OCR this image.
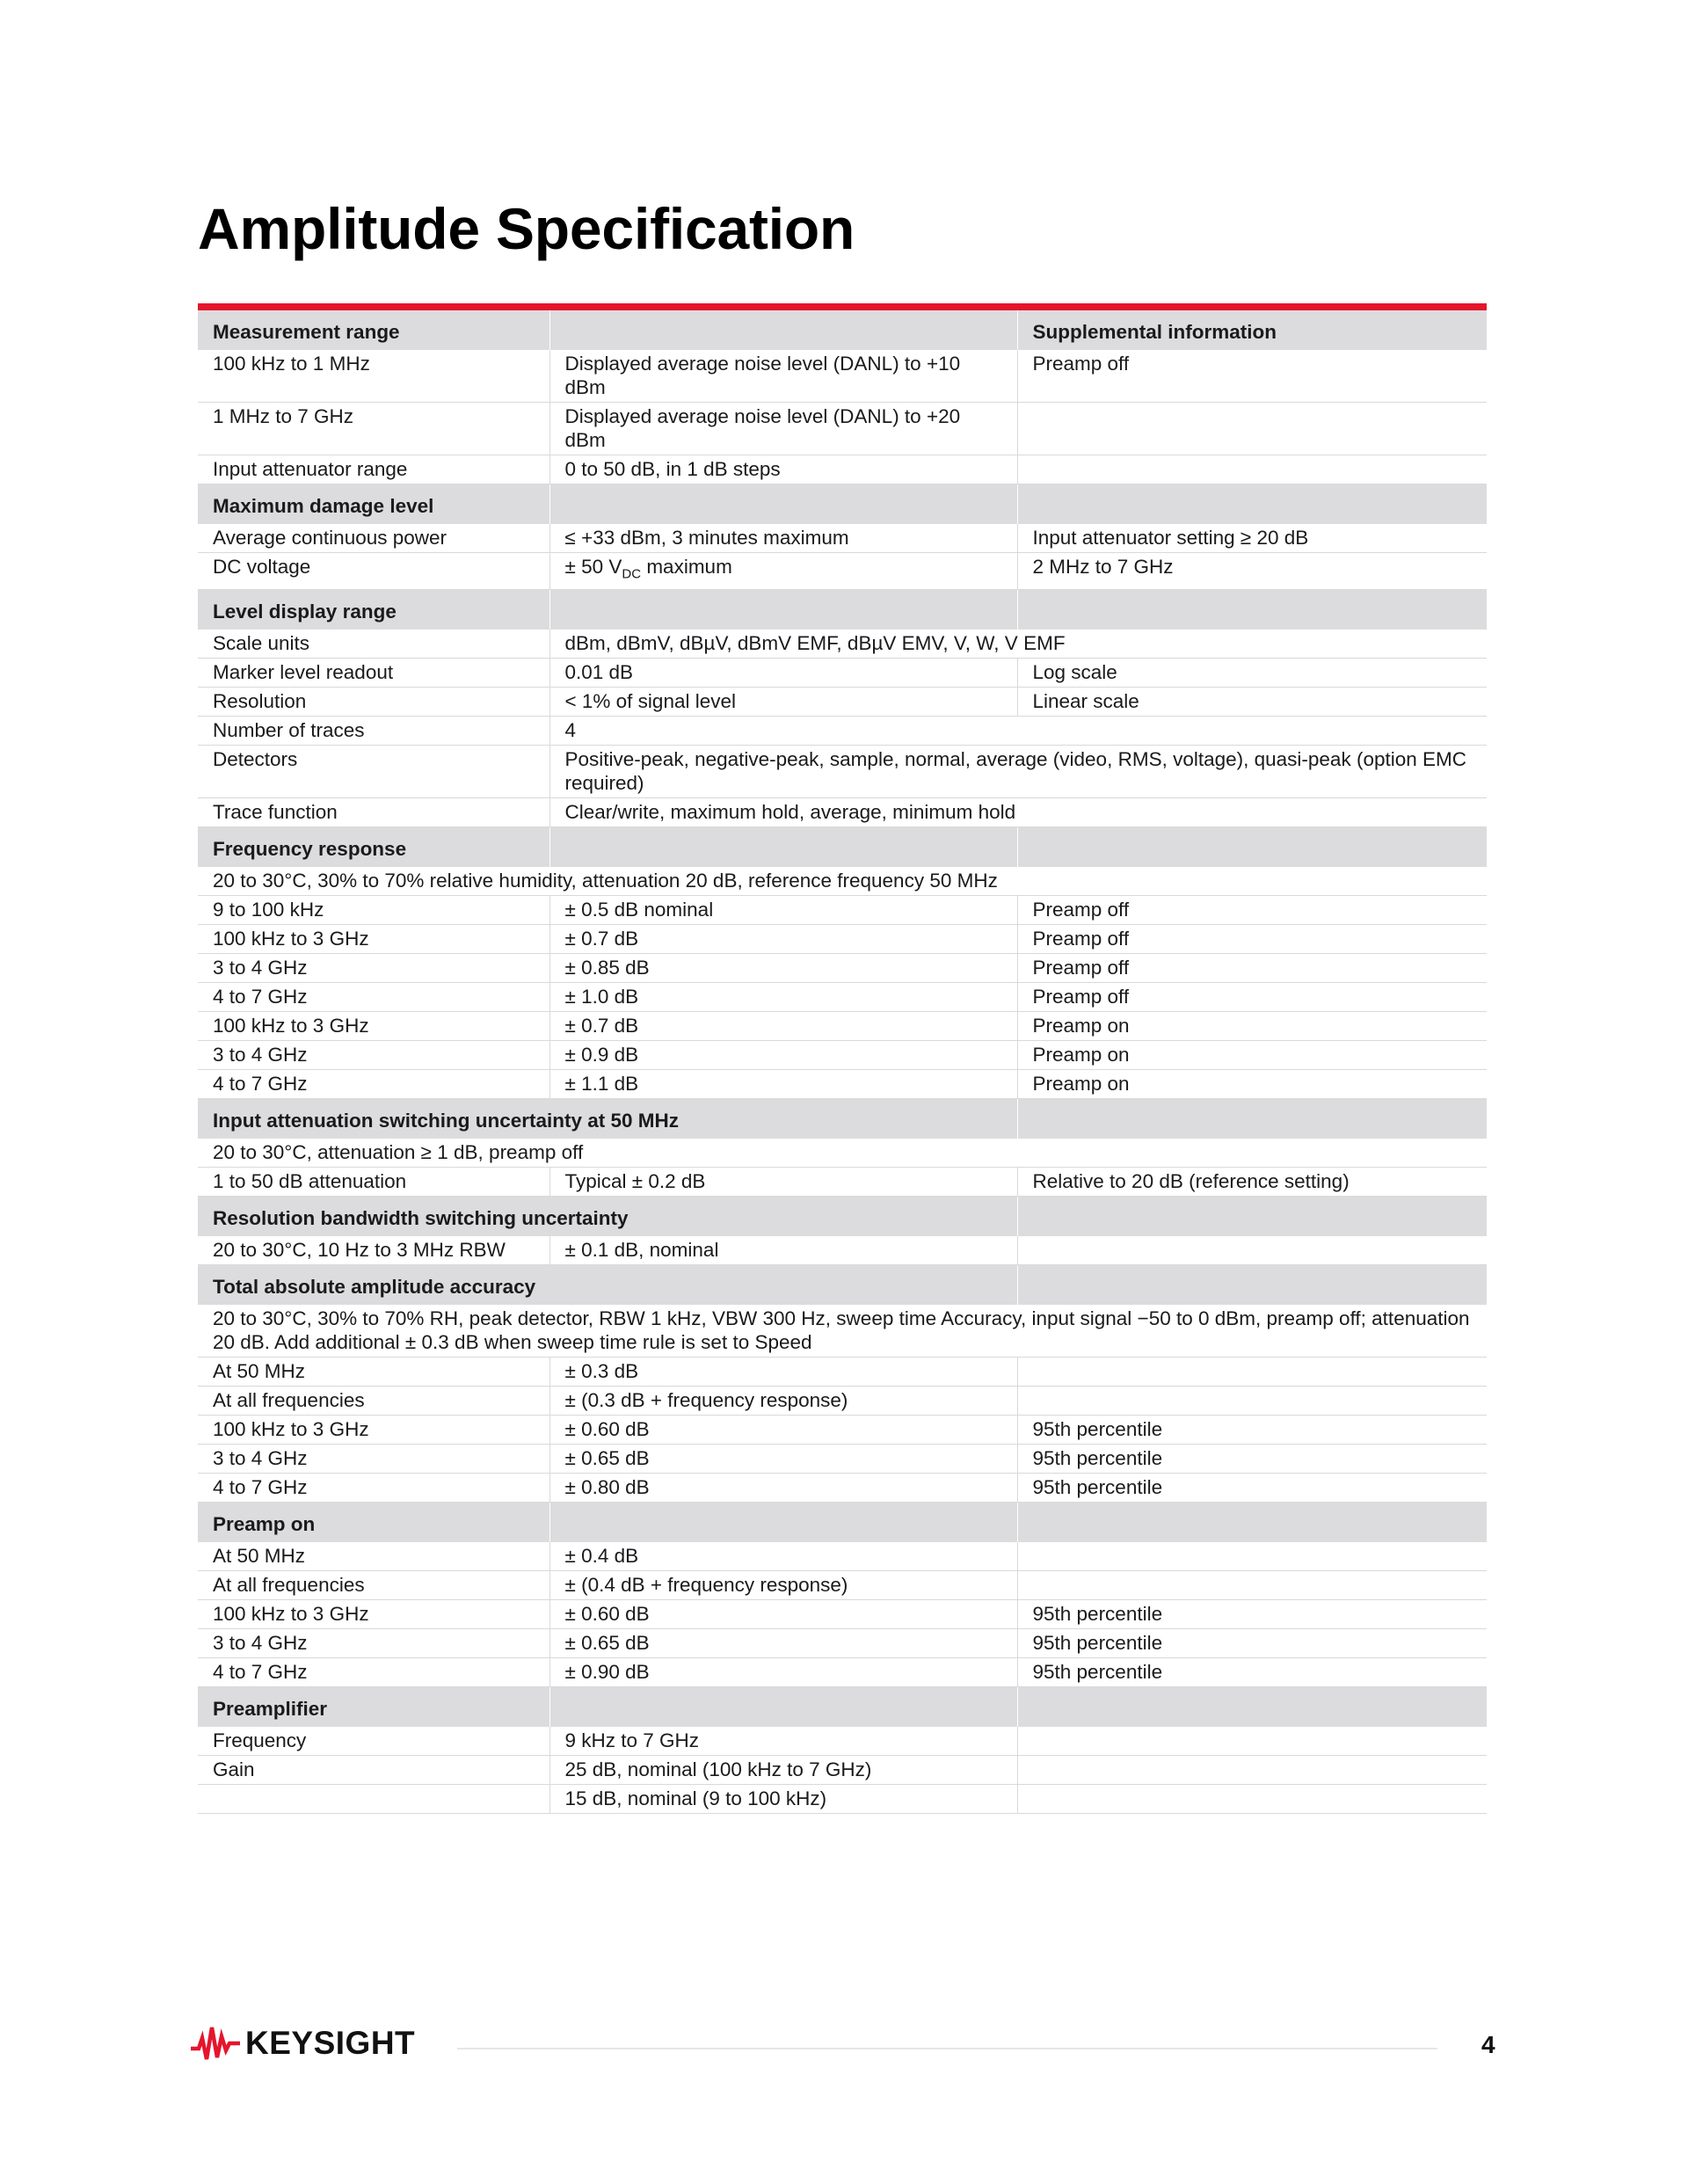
Amplitude Specification
Measurement range		Supplemental information
100 kHz to 1 MHz	Displayed average noise level (DANL) to +10 dBm	Preamp off
1 MHz to 7 GHz	Displayed average noise level (DANL) to +20 dBm	
Input attenuator range	0 to 50 dB, in 1 dB steps	
Maximum damage level		
Average continuous power	≤ +33 dBm, 3 minutes maximum	Input attenuator setting ≥ 20 dB
DC voltage	± 50 $V_{DC}$ maximum	2 MHz to 7 GHz
Level display range		
Scale units	dBm, dBmV, dBµV, dBmV EMF, dBµV EMV, V, W, V EMF	
Marker level readout	0.01 dB	Log scale
Resolution	< 1% of signal level	Linear scale
Number of traces	4	
Detectors	Positive-peak, negative-peak, sample, normal, average (video, RMS, voltage), quasi-peak (option EMC required)	
Trace function	Clear/write, maximum hold, average, minimum hold	
Frequency response		
20 to 30°C, 30% to 70% relative humidity, attenuation 20 dB, reference frequency 50 MHz		
9 to 100 kHz	± 0.5 dB nominal	Preamp off
100 kHz to 3 GHz	± 0.7 dB	Preamp off
3 to 4 GHz	± 0.85 dB	Preamp off
4 to 7 GHz	± 1.0 dB	Preamp off
100 kHz to 3 GHz	± 0.7 dB	Preamp on
3 to 4 GHz	± 0.9 dB	Preamp on
4 to 7 GHz	± 1.1 dB	Preamp on
Input attenuation switching uncertainty at 50 MHz		
20 to 30°C, attenuation ≥ 1 dB, preamp off		
1 to 50 dB attenuation	Typical ± 0.2 dB	Relative to 20 dB (reference setting)
Resolution bandwidth switching uncertainty		
20 to 30°C, 10 Hz to 3 MHz RBW	± 0.1 dB, nominal	
Total absolute amplitude accuracy		
20 to 30°C, 30% to 70% RH, peak detector, RBW 1 kHz, VBW 300 Hz, sweep time Accuracy, input signal −50 to 0 dBm, preamp off; attenuation 20 dB. Add additional ± 0.3 dB when sweep time rule is set to Speed		
At 50 MHz	± 0.3 dB	
At all frequencies	± (0.3 dB + frequency response)	
100 kHz to 3 GHz	± 0.60 dB	95th percentile
3 to 4 GHz	± 0.65 dB	95th percentile
4 to 7 GHz	± 0.80 dB	95th percentile
Preamp on		
At 50 MHz	± 0.4 dB	
At all frequencies	± (0.4 dB + frequency response)	
100 kHz to 3 GHz	± 0.60 dB	95th percentile
3 to 4 GHz	± 0.65 dB	95th percentile
4 to 7 GHz	± 0.90 dB	95th percentile
Preamplifier		
Frequency	9 kHz to 7 GHz	
Gain	25 dB, nominal (100 kHz to 7 GHz)	
	15 dB, nominal (9 to 100 kHz)	
KEYSIGHT	4
